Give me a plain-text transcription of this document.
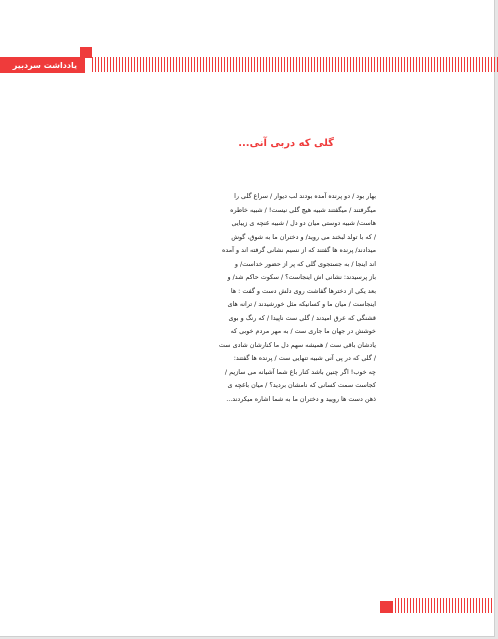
یادداشت سردبیر
گلی که دربی آنی...
بهار بود / دو پرنده آمده بودند لب دیوار / سراغ گلی را
میگرفتند / میگفتند شبیه هیچ گلی نیست! / شبیه خاطره
هاست/ شبیه دوستی میان دو دل / شبیه غنچه ی زیبایی
/ که با تولد لبخند می روید/ و دختران ما به شوق، گوش
میدادند/ پرنده ها گفتند که از نسیم نشانی گرفته اند و آمده
اند اینجا / به جستجوی گلی که پر از حضور خداست/ و
باز پرسیدند: نشانی اش اینجاست؟ / سکوت حاکم شد/ و
بعد یکی از دخترها گفاشت روی دلش دست و گفت : ها
اینجاست / میان ما و کسانیکه مثل خورشیدند / ترانه های
قشنگی که عرق امیدند / گلی ست ناپیدا / که رنگ و بوی
خوشش در جهان ما جاری ست / به مهر مردم خوبی که
یادشان باقی ست / همیشه سهم دل ما کنارشان شادی ست
/ گلی که در پی آنی شبیه تنهایی ست / پرنده ها گفتند:
چه خوب! اگر چنین باشد کنار باغ شما آشیانه می سازیم /
کجاست سمت کسانی که نامشان بردید؟ / میان باغچه ی
ذهن دست ها رویید و دختران ما به شما اشاره میکردند...
